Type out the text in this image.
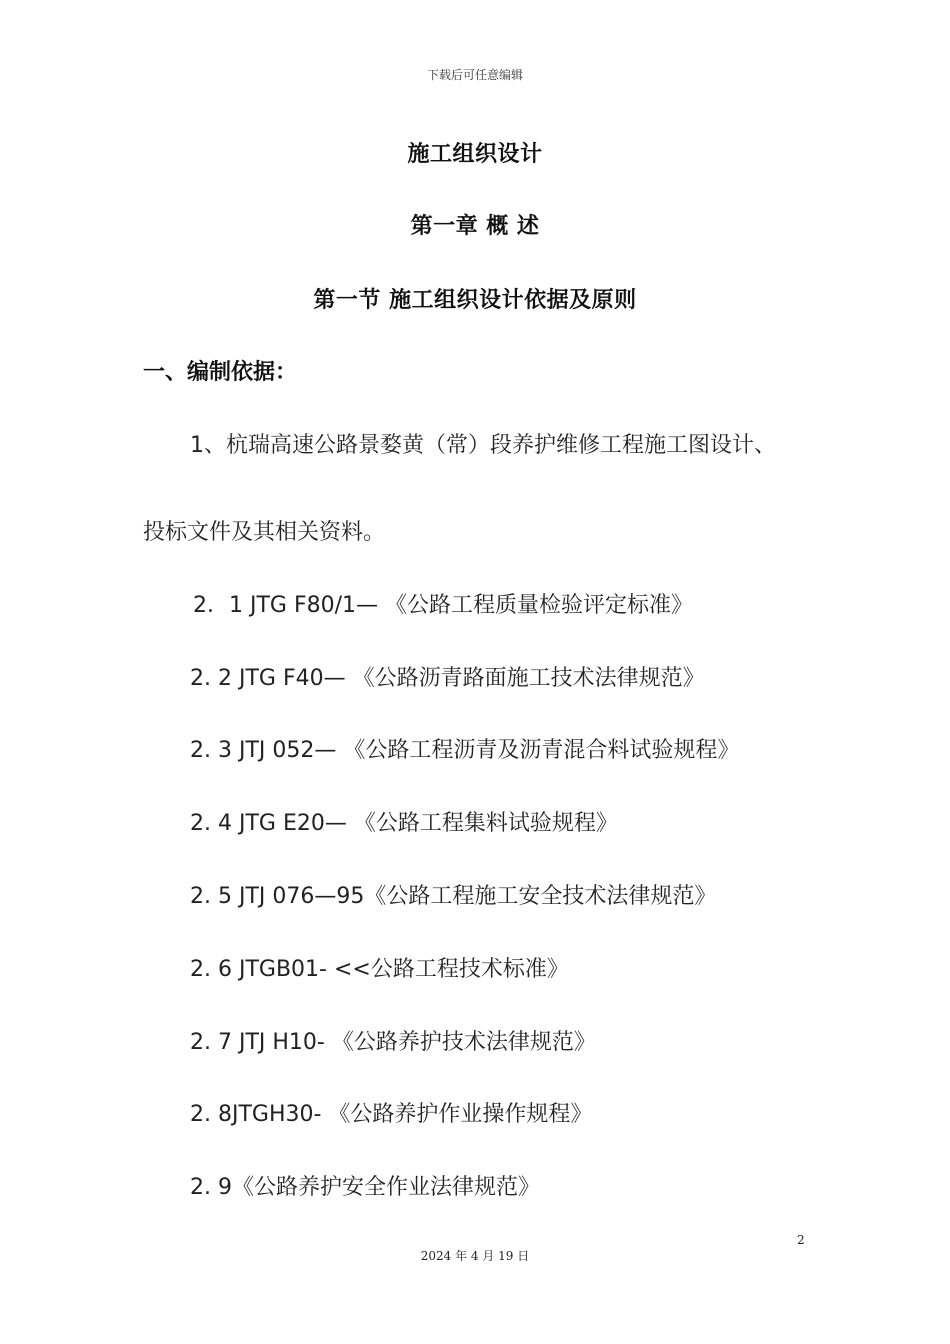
下载后可任意编辑
施工组织设计
第一章 概 述
第一节 施工组织设计依据及原则
一、编制依据：
1、杭瑞高速公路景婺黄（常）段养护维修工程施工图设计、
投标文件及其相关资料。
2．1 JTG F80/1— 《公路工程质量检验评定标准》
2. 2 JTG F40— 《公路沥青路面施工技术法律规范》
2. 3 JTJ 052— 《公路工程沥青及沥青混合料试验规程》
2. 4 JTG E20— 《公路工程集料试验规程》
2. 5 JTJ 076—95《公路工程施工安全技术法律规范》
2. 6 JTGB01- <<公路工程技术标准》
2. 7 JTJ H10- 《公路养护技术法律规范》
2. 8JTGH30- 《公路养护作业操作规程》
2. 9《公路养护安全作业法律规范》
2
2024 年 4 月 19 日
